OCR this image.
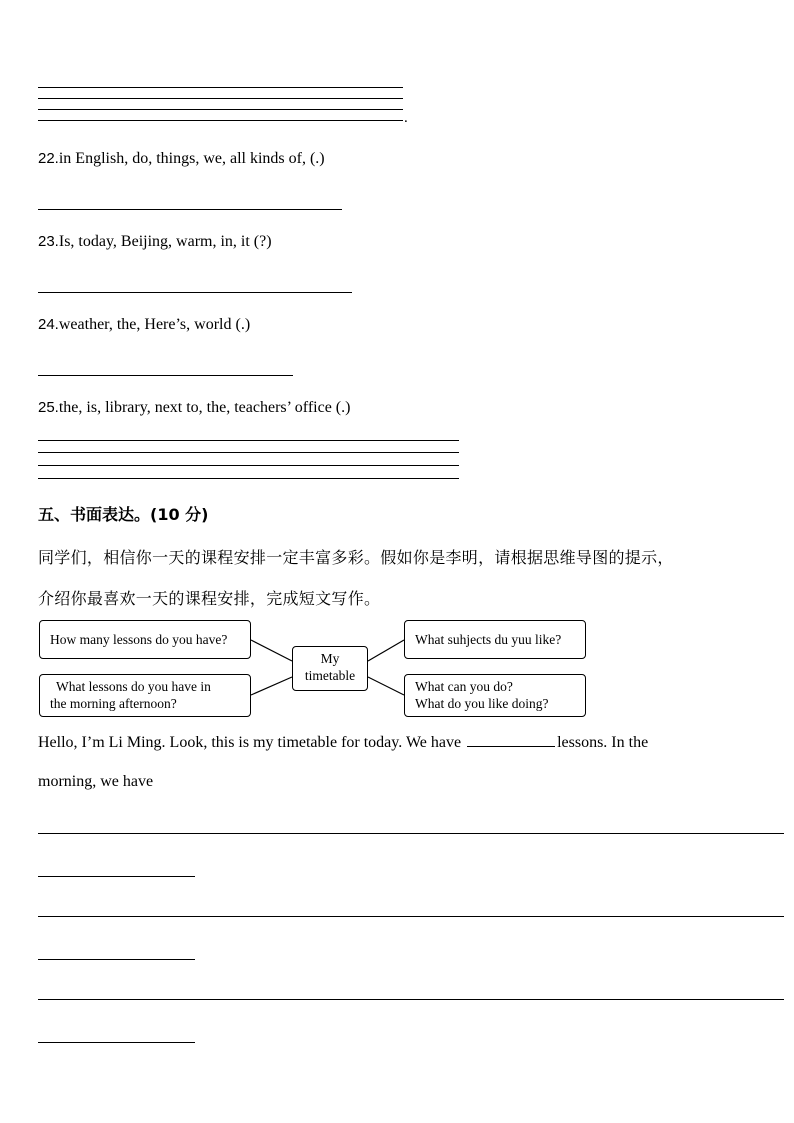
.
22.in English, do, things, we, all kinds of, (.)
23.Is, today, Beijing, warm, in, it (?)
24.weather, the, Here’s, world (.)
25.the, is, library, next to, the, teachers’ office (.)
五、书面表达。(10 分)
同学们，相信你一天的课程安排一定丰富多彩。假如你是李明，请根据思维导图的提示，
介绍你最喜欢一天的课程安排，完成短文写作。
How many lessons do you have?
What lessons do you have in
the morning afternoon?
My
timetable
What suhjects du yuu like?
What can you do?
What do you like doing?
Hello, I’m Li Ming. Look, this is my timetable for today. We have	lessons. In the
morning, we have
